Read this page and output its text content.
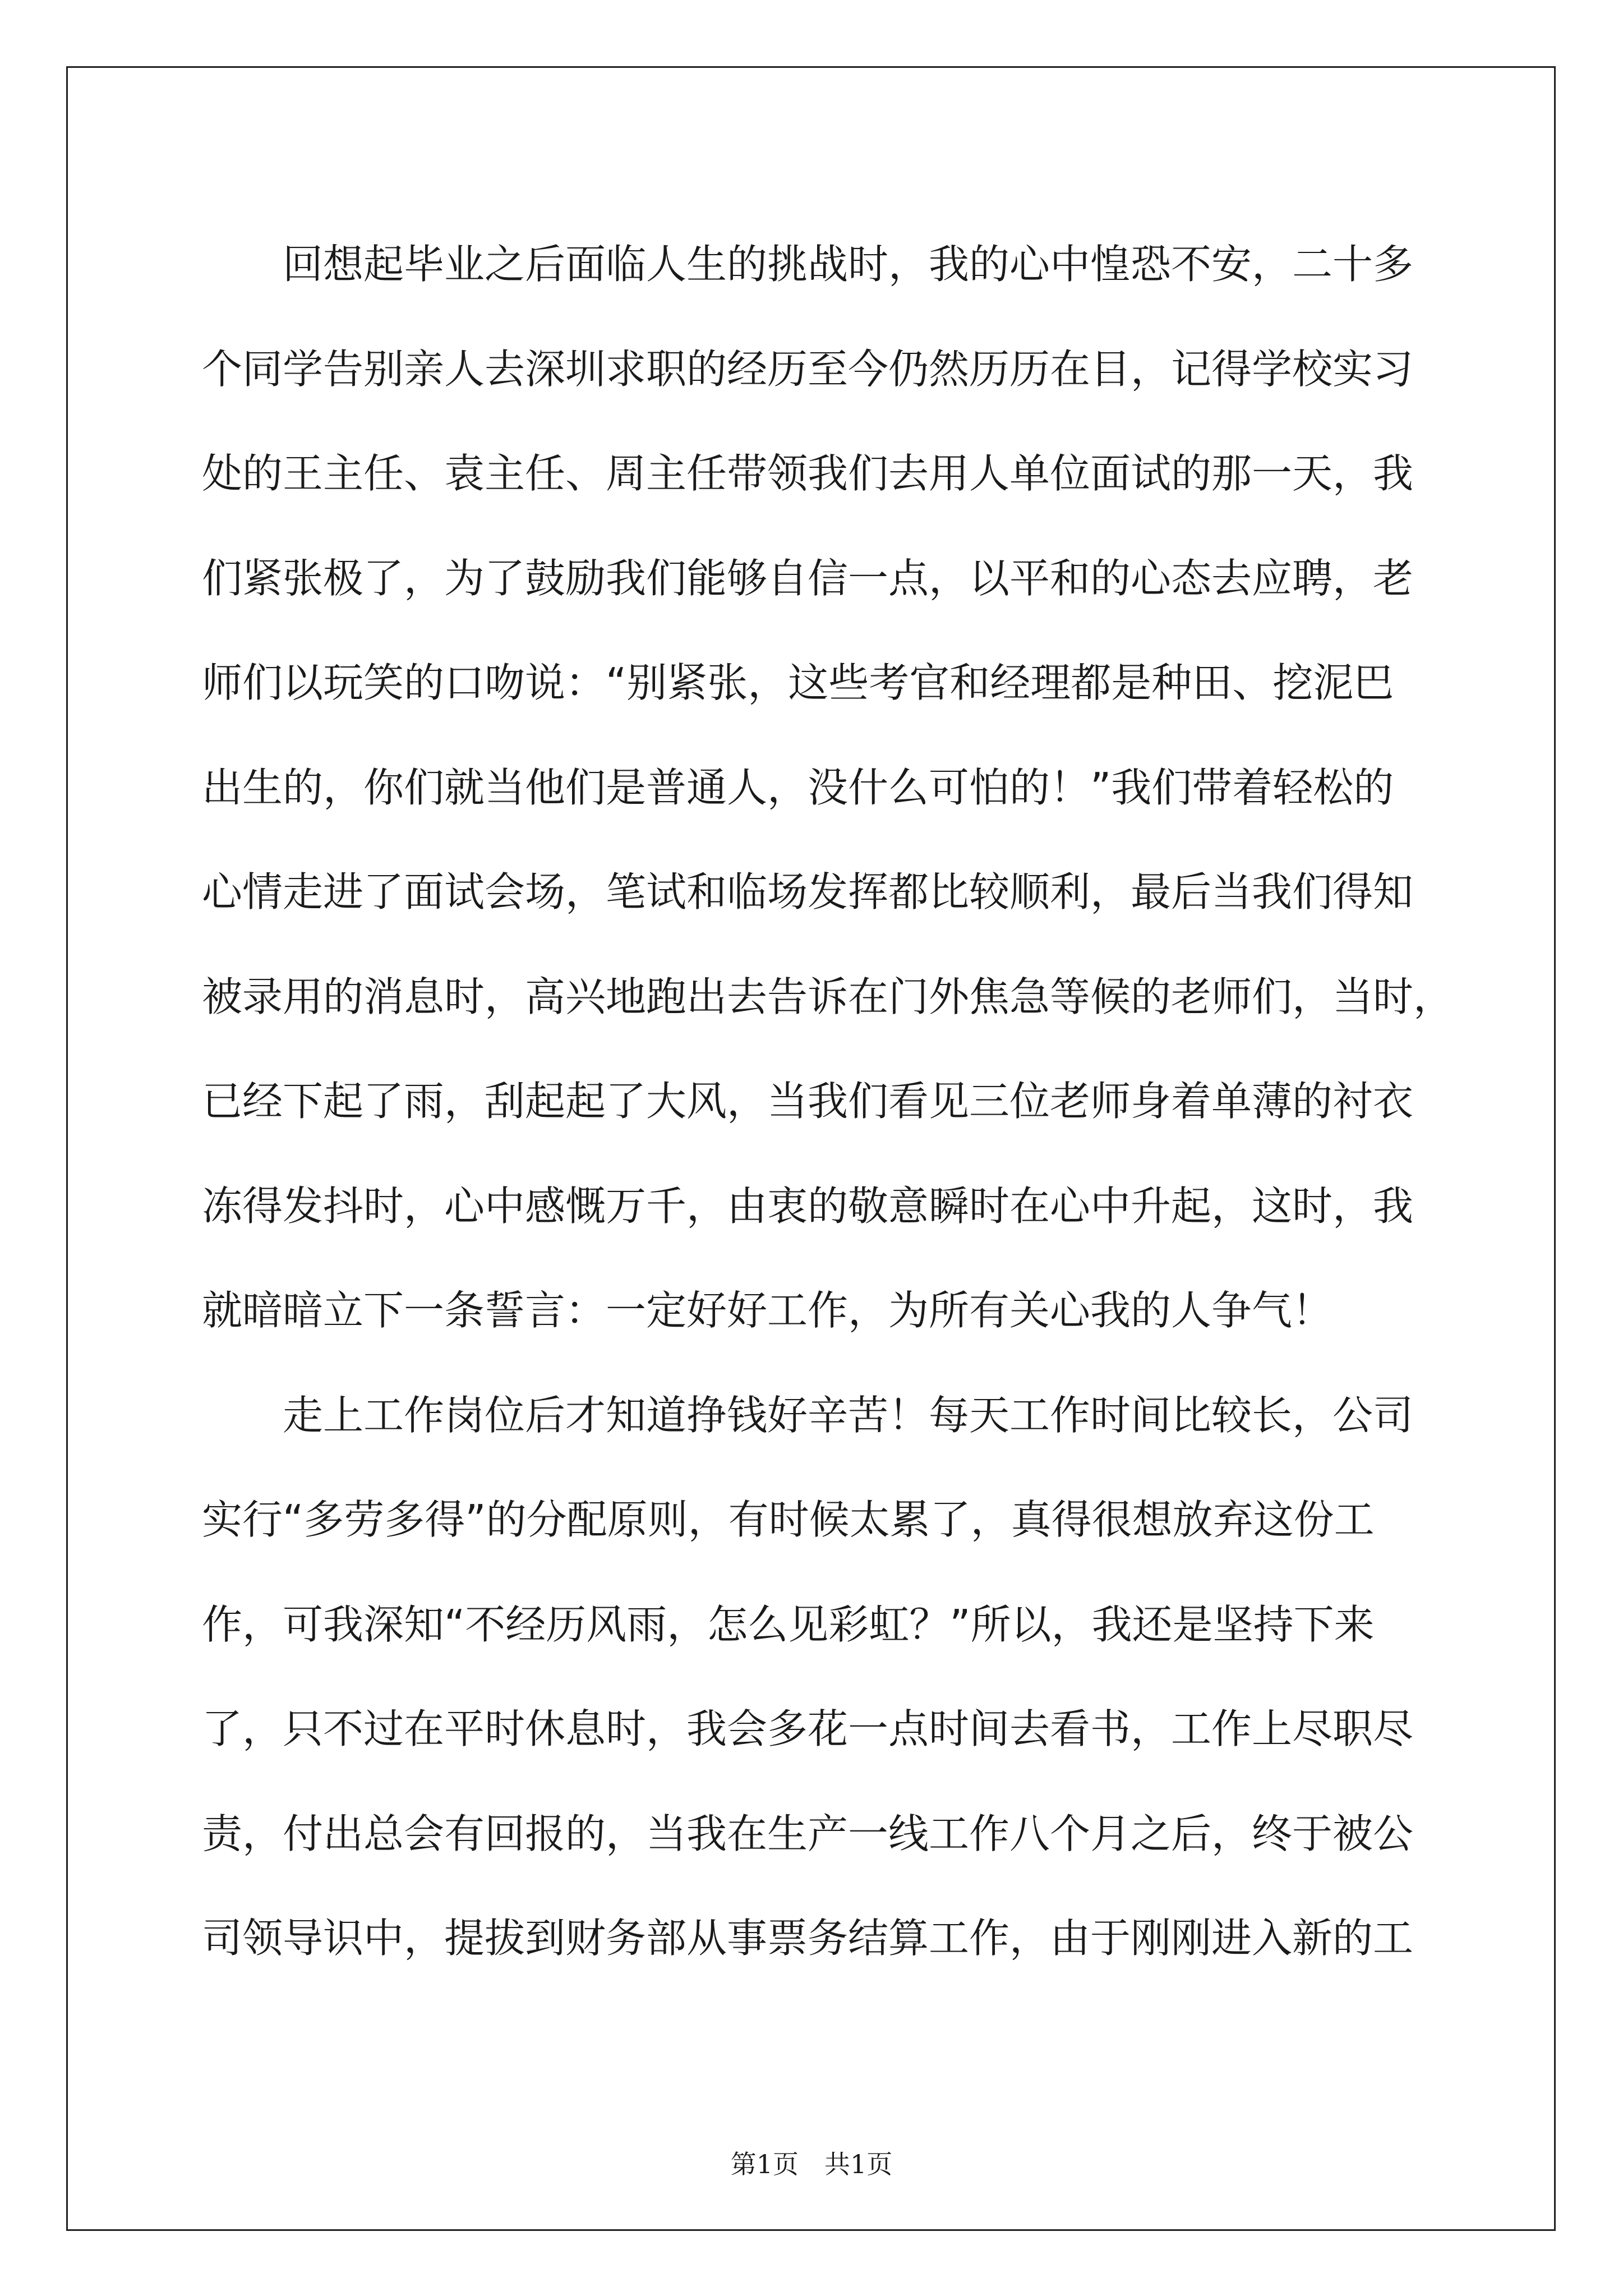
　　回想起毕业之后面临人生的挑战时，我的心中惶恐不安，二十多
个同学告别亲人去深圳求职的经历至今仍然历历在目，记得学校实习
处的王主任、袁主任、周主任带领我们去用人单位面试的那一天，我
们紧张极了，为了鼓励我们能够自信一点，以平和的心态去应聘，老
师们以玩笑的口吻说：“别紧张，这些考官和经理都是种田、挖泥巴
出生的，你们就当他们是普通人，没什么可怕的！”我们带着轻松的
心情走进了面试会场，笔试和临场发挥都比较顺利，最后当我们得知
被录用的消息时，高兴地跑出去告诉在门外焦急等候的老师们，当时，
已经下起了雨，刮起起了大风，当我们看见三位老师身着单薄的衬衣
冻得发抖时，心中感慨万千，由衷的敬意瞬时在心中升起，这时，我
就暗暗立下一条誓言：一定好好工作，为所有关心我的人争气！
　　走上工作岗位后才知道挣钱好辛苦！每天工作时间比较长，公司
实行“多劳多得”的分配原则，有时候太累了，真得很想放弃这份工
作，可我深知“不经历风雨，怎么见彩虹？”所以，我还是坚持下来
了，只不过在平时休息时，我会多花一点时间去看书，工作上尽职尽
责，付出总会有回报的，当我在生产一线工作八个月之后，终于被公
司领导识中，提拔到财务部从事票务结算工作，由于刚刚进入新的工
第1页 共1页
